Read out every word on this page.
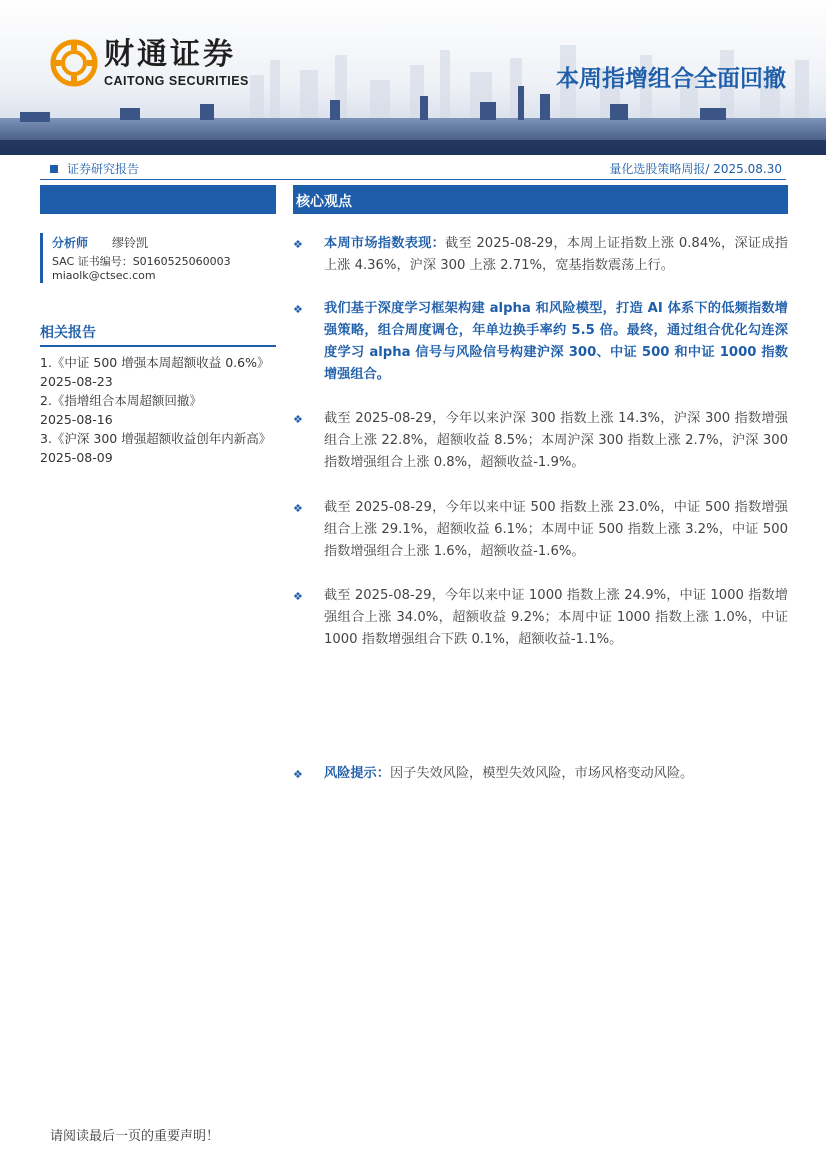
财通证券
CAITONG SECURITIES	本周指增组合全面回撤
证券研究报告	量化选股策略周报/ 2025.08.30
分析师 缪铃凯
SAC 证书编号：S0160525060003
miaolk@ctsec.com
相关报告
1.《中证 500 增强本周超额收益 0.6%》
2025-08-23
2.《指增组合本周超额回撤》
2025-08-16
3.《沪深 300 增强超额收益创年内新高》
2025-08-09
核心观点
❖	本周市场指数表现：截至 2025-08-29，本周上证指数上涨 0.84%，深证成指上涨 4.36%，沪深 300 上涨 2.71%，宽基指数震荡上行。
❖	我们基于深度学习框架构建 alpha 和风险模型，打造 AI 体系下的低频指数增强策略，组合周度调仓，年单边换手率约 5.5 倍。最终，通过组合优化勾连深度学习 alpha 信号与风险信号构建沪深 300、中证 500 和中证 1000 指数增强组合。
❖	截至 2025-08-29，今年以来沪深 300 指数上涨 14.3%，沪深 300 指数增强组合上涨 22.8%，超额收益 8.5%；本周沪深 300 指数上涨 2.7%，沪深 300 指数增强组合上涨 0.8%，超额收益-1.9%。
❖	截至 2025-08-29，今年以来中证 500 指数上涨 23.0%，中证 500 指数增强组合上涨 29.1%，超额收益 6.1%；本周中证 500 指数上涨 3.2%，中证 500 指数增强组合上涨 1.6%，超额收益-1.6%。
❖	截至 2025-08-29，今年以来中证 1000 指数上涨 24.9%，中证 1000 指数增强组合上涨 34.0%，超额收益 9.2%；本周中证 1000 指数上涨 1.0%，中证 1000 指数增强组合下跌 0.1%，超额收益-1.1%。
❖	风险提示：因子失效风险，模型失效风险，市场风格变动风险。
请阅读最后一页的重要声明！
